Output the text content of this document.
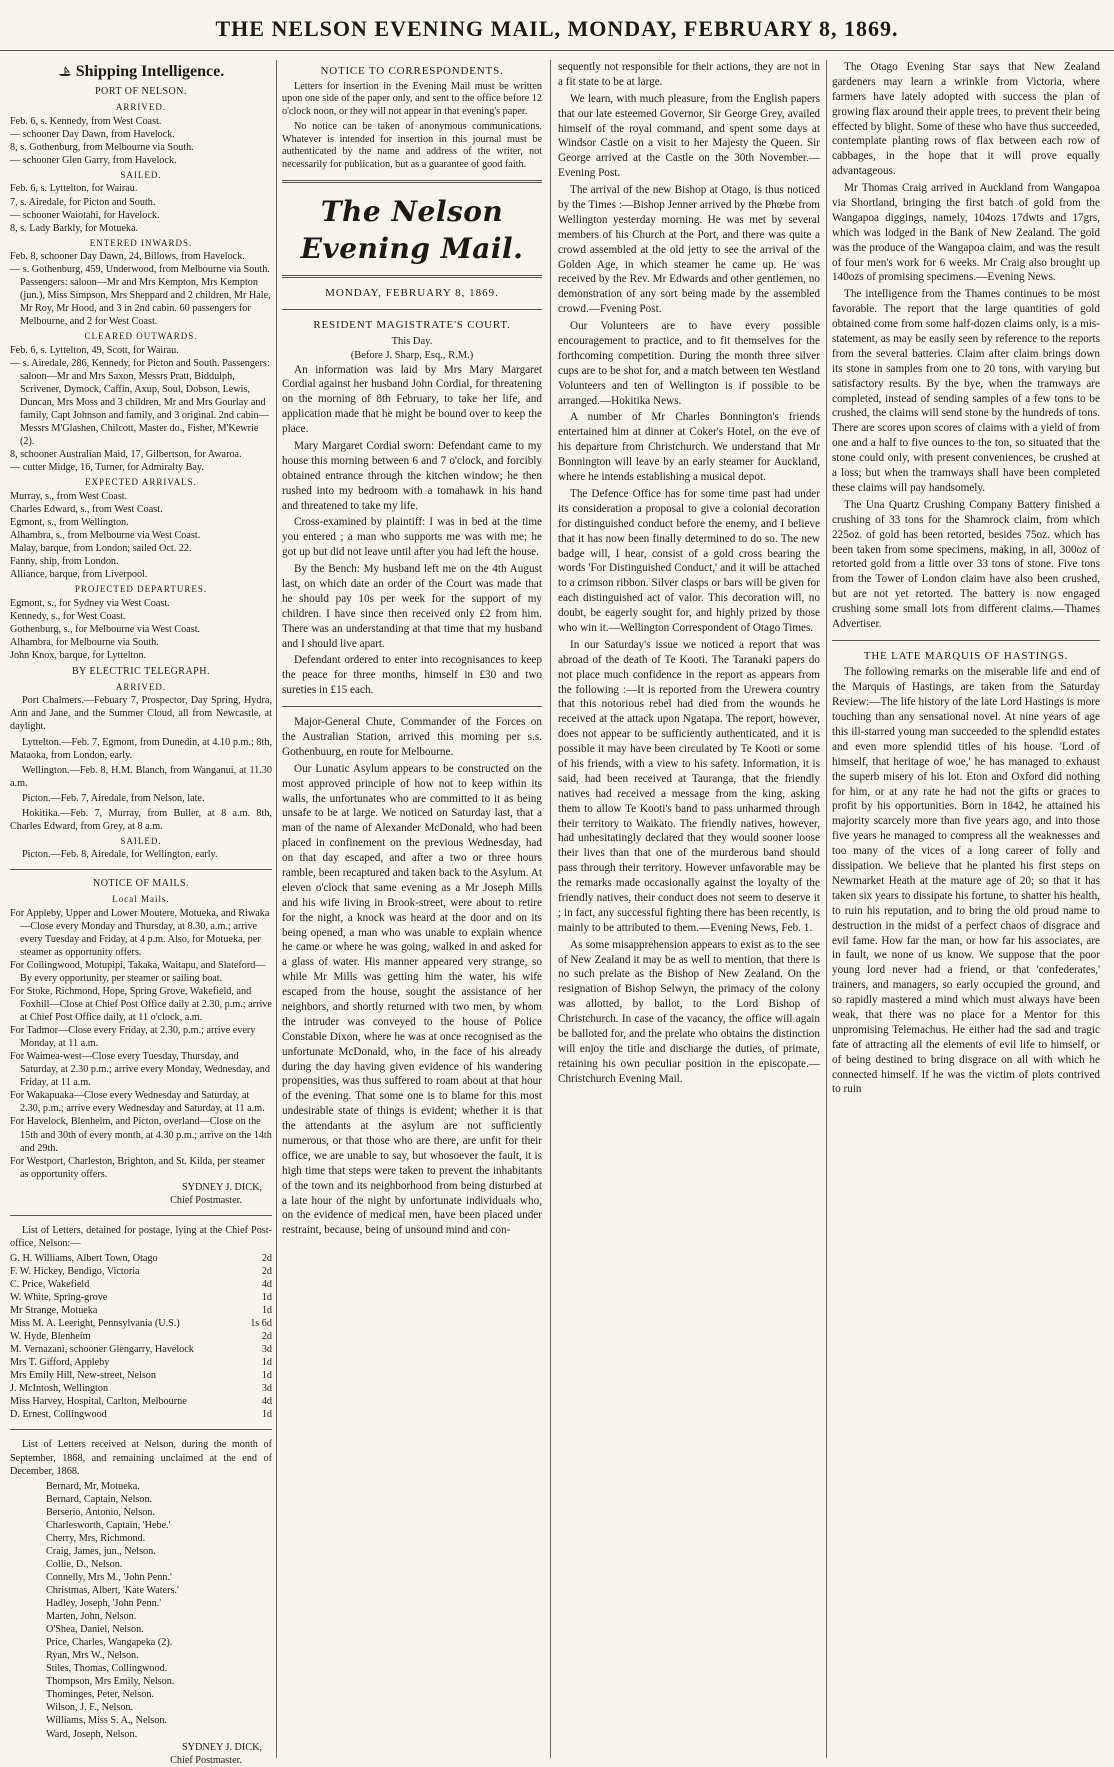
THE NELSON EVENING MAIL, MONDAY, FEBRUARY 8, 1869.
Shipping Intelligence.
PORT OF NELSON.
ARRIVED.
Feb. 6, s. Kennedy, from West Coast.
— schooner Day Dawn, from Havelock.
8, s. Gothenburg, from Melbourne via South.
— schooner Glen Garry, from Havelock.
SAILED.
Feb. 6, s. Lyttelton, for Wairau.
7, s. Airedale, for Picton and South.
— schooner Waiotahi, for Havelock.
8, s. Lady Barkly, for Motueka.
ENTERED INWARDS.
Feb. 8, schooner Day Dawn, 24, Billows, from Havelock.
— s. Gothenburg, 459, Underwood, from Melbourne via South. Passengers: saloon—Mr and Mrs Kempton, Mrs Kempton (jun.), Miss Simpson, Mrs Sheppard and 2 children, Mr Hale, Mr Roy, Mr Hood, and 3 in 2nd cabin. 60 passengers for Melbourne, and 2 for West Coast.
CLEARED OUTWARDS.
Feb. 6, s. Lyttelton, 49, Scott, for Wairau.
— s. Airedale, 286, Kennedy, for Picton and South. Passengers: saloon—Mr and Mrs Saxon, Messrs Pratt, Biddulph, Scrivener, Dymock, Caffin, Axup, Soul, Dobson, Lewis, Duncan, Mrs Moss and 3 children, Mr and Mrs Gourlay and family, Capt Johnson and family, and 3 original. 2nd cabin—Messrs M'Glashen, Chilcott, Master do., Fisher, M'Kewrie (2).
8, schooner Australian Maid, 17, Gilbertson, for Awaroa.
— cutter Midge, 16, Turner, for Admiralty Bay.
EXPECTED ARRIVALS.
Murray, s., from West Coast.
Charles Edward, s., from West Coast.
Egmont, s., from Wellington.
Alhambra, s., from Melbourne via West Coast.
Malay, barque, from London; sailed Oct. 22.
Fanny, ship, from London.
Alliance, barque, from Liverpool.
PROJECTED DEPARTURES.
Egmont, s., for Sydney via West Coast.
Kennedy, s., for West Coast.
Gothenburg, s., for Melbourne via West Coast.
Alhambra, for Melbourne via South.
John Knox, barque, for Lyttelton.
BY ELECTRIC TELEGRAPH.
ARRIVED.

Port Chalmers.—Febuary 7, Prospector, Day Spring, Hydra, Ann and Jane, and the Summer Cloud, all from Newcastle, at daylight.

Lyttelton.—Feb. 7, Egmont, from Dunedin, at 4.10 p.m.; 8th, Mataoka, from London, early.

Wellington.—Feb. 8, H.M. Blanch, from Wanganui, at 11.30 a.m.

Picton.—Feb. 7, Airedale, from Nelson, late.

Hokitika.—Feb. 7, Murray, from Buller, at 8 a.m. 8th, Charles Edward, from Grey, at 8 a.m.

SAILED.

Picton.—Feb. 8, Airedale, for Wellington, early.

NOTICE OF MAILS.
Local Mails.
For Appleby, Upper and Lower Moutere, Motueka, and Riwaka—Close every Monday and Thursday, at 8.30, a.m.; arrive every Tuesday and Friday, at 4 p.m. Also, for Motueka, per steamer as opportunity offers.
For Collingwood, Motupipi, Takaka, Waitapu, and Slateford—By every opportunity, per steamer or sailing boat.
For Stoke, Richmond, Hope, Spring Grove, Wakefield, and Foxhill—Close at Chief Post Office daily at 2.30, p.m.; arrive at Chief Post Office daily, at 11 o'clock, a.m.
For Tadmor—Close every Friday, at 2.30, p.m.; arrive every Monday, at 11 a.m.
For Waimea-west—Close every Tuesday, Thursday, and Saturday, at 2.30 p.m.; arrive every Monday, Wednesday, and Friday, at 11 a.m.
For Wakapuaka—Close every Wednesday and Saturday, at 2.30, p.m.; arrive every Wednesday and Saturday, at 11 a.m.
For Havelock, Blenheim, and Picton, overland—Close on the 15th and 30th of every month, at 4.30 p.m.; arrive on the 14th and 29th.
For Westport, Charleston, Brighton, and St. Kilda, per steamer as opportunity offers.
SYDNEY J. DICK,
Chief Postmaster.

List of Letters, detained for postage, lying at the Chief Post-office, Nelson:—

G. H. Williams, Albert Town, Otago	2d
F. W. Hickey, Bendigo, Victoria	2d
C. Price, Wakefield	4d
W. White, Spring-grove	1d
Mr Strange, Motueka	1d
Miss M. A. Leeright, Pennsylvania (U.S.)	1s 6d
W. Hyde, Blenheim	2d
M. Vernazani, schooner Glengarry, Havelock	3d
Mrs T. Gifford, Appleby	1d
Mrs Emily Hill, New-street, Nelson	1d
J. McIntosh, Wellington	3d
Miss Harvey, Hospital, Carlton, Melbourne	4d
D. Ernest, Collingwood	1d

List of Letters received at Nelson, during the month of September, 1868, and remaining unclaimed at the end of December, 1868.

Bernard, Mr, Motueka.
Bernard, Captain, Nelson.
Berserio, Antonio, Nelson.
Charlesworth, Captain, 'Hebe.'
Cherry, Mrs, Richmond.
Craig, James, jun., Nelson.
Collie, D., Nelson.
Connelly, Mrs M., 'John Penn.'
Christmas, Albert, 'Kate Waters.'
Hadley, Joseph, 'John Penn.'
Marten, John, Nelson.
O'Shea, Daniel, Nelson.
Price, Charles, Wangapeka (2).
Ryan, Mrs W., Nelson.
Stiles, Thomas, Collingwood.
Thompson, Mrs Emily, Nelson.
Thominges, Peter, Nelson.
Wilson, J. F., Nelson.
Williams, Miss S. A., Nelson.
Ward, Joseph, Nelson.
SYDNEY J. DICK,
Chief Postmaster.
NOTICE TO CORRESPONDENTS.

Letters for insertion in the Evening Mail must be written upon one side of the paper only, and sent to the office before 12 o'clock noon, or they will not appear in that evening's paper.

No notice can be taken of anonymous communications. Whatever is intended for insertion in this journal must be authenticated by the name and address of the writer, not necessarily for publication, but as a guarantee of good faith.

The Nelson Evening Mail.
MONDAY, FEBRUARY 8, 1869.
RESIDENT MAGISTRATE'S COURT.
This Day.
(Before J. Sharp, Esq., R.M.)

An information was laid by Mrs Mary Margaret Cordial against her husband John Cordial, for threatening on the morning of 8th February, to take her life, and application made that he might be bound over to keep the place.

Mary Margaret Cordial sworn: Defendant came to my house this morning between 6 and 7 o'clock, and forcibly obtained entrance through the kitchen window; he then rushed into my bedroom with a tomahawk in his hand and threatened to take my life.

Cross-examined by plaintiff: I was in bed at the time you entered ; a man who supports me was with me; he got up but did not leave until after you had left the house.

By the Bench: My husband left me on the 4th August last, on which date an order of the Court was made that he should pay 10s per week for the support of my children. I have since then received only £2 from him. There was an understanding at that time that my husband and I should live apart.

Defendant ordered to enter into recognisances to keep the peace for three months, himself in £30 and two sureties in £15 each.

Major-General Chute, Commander of the Forces on the Australian Station, arrived this morning per s.s. Gothenbuurg, en route for Melbourne.

Our Lunatic Asylum appears to be constructed on the most approved principle of how not to keep within its walls, the unfortunates who are committed to it as being unsafe to be at large. We noticed on Saturday last, that a man of the name of Alexander McDonald, who had been placed in confinement on the previous Wednesday, had on that day escaped, and after a two or three hours ramble, been recaptured and taken back to the Asylum. At eleven o'clock that same evening as a Mr Joseph Mills and his wife living in Brook-street, were about to retire for the night, a knock was heard at the door and on its being opened, a man who was unable to explain whence he came or where he was going, walked in and asked for a glass of water. His manner appeared very strange, so while Mr Mills was getting him the water, his wife escaped from the house, sought the assistance of her neighbors, and shortly returned with two men, by whom the intruder was conveyed to the house of Police Constable Dixon, where he was at once recognised as the unfortunate McDonald, who, in the face of his already during the day having given evidence of his wandering propensities, was thus suffered to roam about at that hour of the evening. That some one is to blame for this most undesirable state of things is evident; whether it is that the attendants at the asylum are not sufficiently numerous, or that those who are there, are unfit for their office, we are unable to say, but whosoever the fault, it is high time that steps were taken to prevent the inhabitants of the town and its neighborhood from being disturbed at a late hour of the night by unfortunate individuals who, on the evidence of medical men, have been placed under restraint, because, being of unsound mind and con-

sequently not responsible for their actions, they are not in a fit state to be at large.

We learn, with much pleasure, from the English papers that our late esteemed Governor, Sir George Grey, availed himself of the royal command, and spent some days at Windsor Castle on a visit to her Majesty the Queen. Sir George arrived at the Castle on the 30th November.—Evening Post.

The arrival of the new Bishop at Otago, is thus noticed by the Times :—Bishop Jenner arrived by the Phœbe from Wellington yesterday morning. He was met by several members of his Church at the Port, and there was quite a crowd assembled at the old jetty to see the arrival of the Golden Age, in which steamer he came up. He was received by the Rev. Mr Edwards and other gentlemen, no demonstration of any sort being made by the assembled crowd.—Fvening Post.

Our Volunteers are to have every possible encouragement to practice, and to fit themselves for the forthcoming competition. During the month three silver cups are to be shot for, and a match between ten Westland Volunteers and ten of Wellington is if possible to be arranged.—Hokitika News.

A number of Mr Charles Bonnington's friends entertained him at dinner at Coker's Hotel, on the eve of his departure from Christchurch. We understand that Mr Bonnington will leave by an early steamer for Auckland, where he intends establishing a musical depot.

The Defence Office has for some time past had under its consideration a proposal to give a colonial decoration for distinguished conduct before the enemy, and I believe that it has now been finally determined to do so. The new badge will, I hear, consist of a gold cross bearing the words 'For Distinguished Conduct,' and it will be attached to a crimson ribbon. Silver clasps or bars will be given for each distinguished act of valor. This decoration will, no doubt, be eagerly sought for, and highly prized by those who win it.—Wellington Correspondent of Otago Times.

In our Saturday's issue we noticed a report that was abroad of the death of Te Kooti. The Taranaki papers do not place much confidence in the report as appears from the following :—It is reported from the Urewera country that this notorious rebel had died from the wounds he received at the attack upon Ngatapa. The report, however, does not appear to be sufficiently authenticated, and it is possible it may have been circulated by Te Kooti or some of his friends, with a view to his safety. Information, it is said, had been received at Tauranga, that the friendly natives had received a message from the king, asking them to allow Te Kooti's band to pass unharmed through their territory to Waikato. The friendly natives, however, had unhesitatingly declared that they would sooner loose their lives than that one of the murderous band should pass through their territory. However unfavorable may be the remarks made occasionally against the loyalty of the friendly natives, their conduct does not seem to deserve it ; in fact, any successful fighting there has been recently, is mainly to be attributed to them.—Evening News, Feb. 1.

As some misapprehension appears to exist as to the see of New Zealand it may be as well to mention, that there is no such prelate as the Bishop of New Zealand. On the resignation of Bishop Selwyn, the primacy of the colony was allotted, by ballot, to the Lord Bishop of Christchurch. In case of the vacancy, the office will again be balloted for, and the prelate who obtains the distinction will enjoy the title and discharge the duties, of primate, retaining his own peculiar position in the episcopate.—Christchurch Evening Mail.

The Otago Evening Star says that New Zealand gardeners may learn a wrinkle from Victoria, where farmers have lately adopted with success the plan of growing flax around their apple trees, to prevent their being effected by blight. Some of these who have thus succeeded, contemplate planting rows of flax between each row of cabbages, in the hope that it will prove equally advantageous.

Mr Thomas Craig arrived in Auckland from Wangapoa via Shortland, bringing the first batch of gold from the Wangapoa diggings, namely, 104ozs 17dwts and 17grs, which was lodged in the Bank of New Zealand. The gold was the produce of the Wangapoa claim, and was the result of four men's work for 6 weeks. Mr Craig also brought up 140ozs of promising specimens.—Evening News.

The intelligence from the Thames continues to be most favorable. The report that the large quantities of gold obtained come from some half-dozen claims only, is a mis-statement, as may be easily seen by reference to the reports from the several batteries. Claim after claim brings down its stone in samples from one to 20 tons, with varying but satisfactory results. By the bye, when the tramways are completed, instead of sending samples of a few tons to be crushed, the claims will send stone by the hundreds of tons. There are scores upon scores of claims with a yield of from one and a half to five ounces to the ton, so situated that the stone could only, with present conveniences, be crushed at a loss; but when the tramways shall have been completed these claims will pay handsomely.

The Una Quartz Crushing Company Battery finished a crushing of 33 tons for the Shamrock claim, from which 225oz. of gold has been retorted, besides 75oz. which has been taken from some specimens, making, in all, 300oz of retorted gold from a little over 33 tons of stone. Five tons from the Tower of London claim have also been crushed, but are not yet retorted. The battery is now engaged crushing some small lots from different claims.—Thames Advertiser.

THE LATE MARQUIS OF HASTINGS.

The following remarks on the miserable life and end of the Marquis of Hastings, are taken from the Saturday Review:—The life history of the late Lord Hastings is more touching than any sensational novel. At nine years of age this ill-starred young man succeeded to the splendid estates and even more splendid titles of his house. 'Lord of himself, that heritage of woe,' he has managed to exhaust the superb misery of his lot. Eton and Oxford did nothing for him, or at any rate he had not the gifts or graces to profit by his opportunities. Born in 1842, he attained his majority scarcely more than five years ago, and into those five years he managed to compress all the weaknesses and too many of the vices of a long career of folly and dissipation. We believe that he planted his first steps on Newmarket Heath at the mature age of 20; so that it has taken six years to dissipate his fortune, to shatter his health, to ruin his reputation, and to bring the old proud name to destruction in the midst of a perfect chaos of disgrace and evil fame. How far the man, or how far his associates, are in fault, we none of us know. We suppose that the poor young lord never had a friend, or that 'confederates,' trainers, and managers, so early occupied the ground, and so rapidly mastered a mind which must always have been weak, that there was no place for a Mentor for this unpromising Telemachus. He either had the sad and tragic fate of attracting all the elements of evil life to himself, or of being destined to bring disgrace on all with which he connected himself. If he was the victim of plots contrived to ruin
